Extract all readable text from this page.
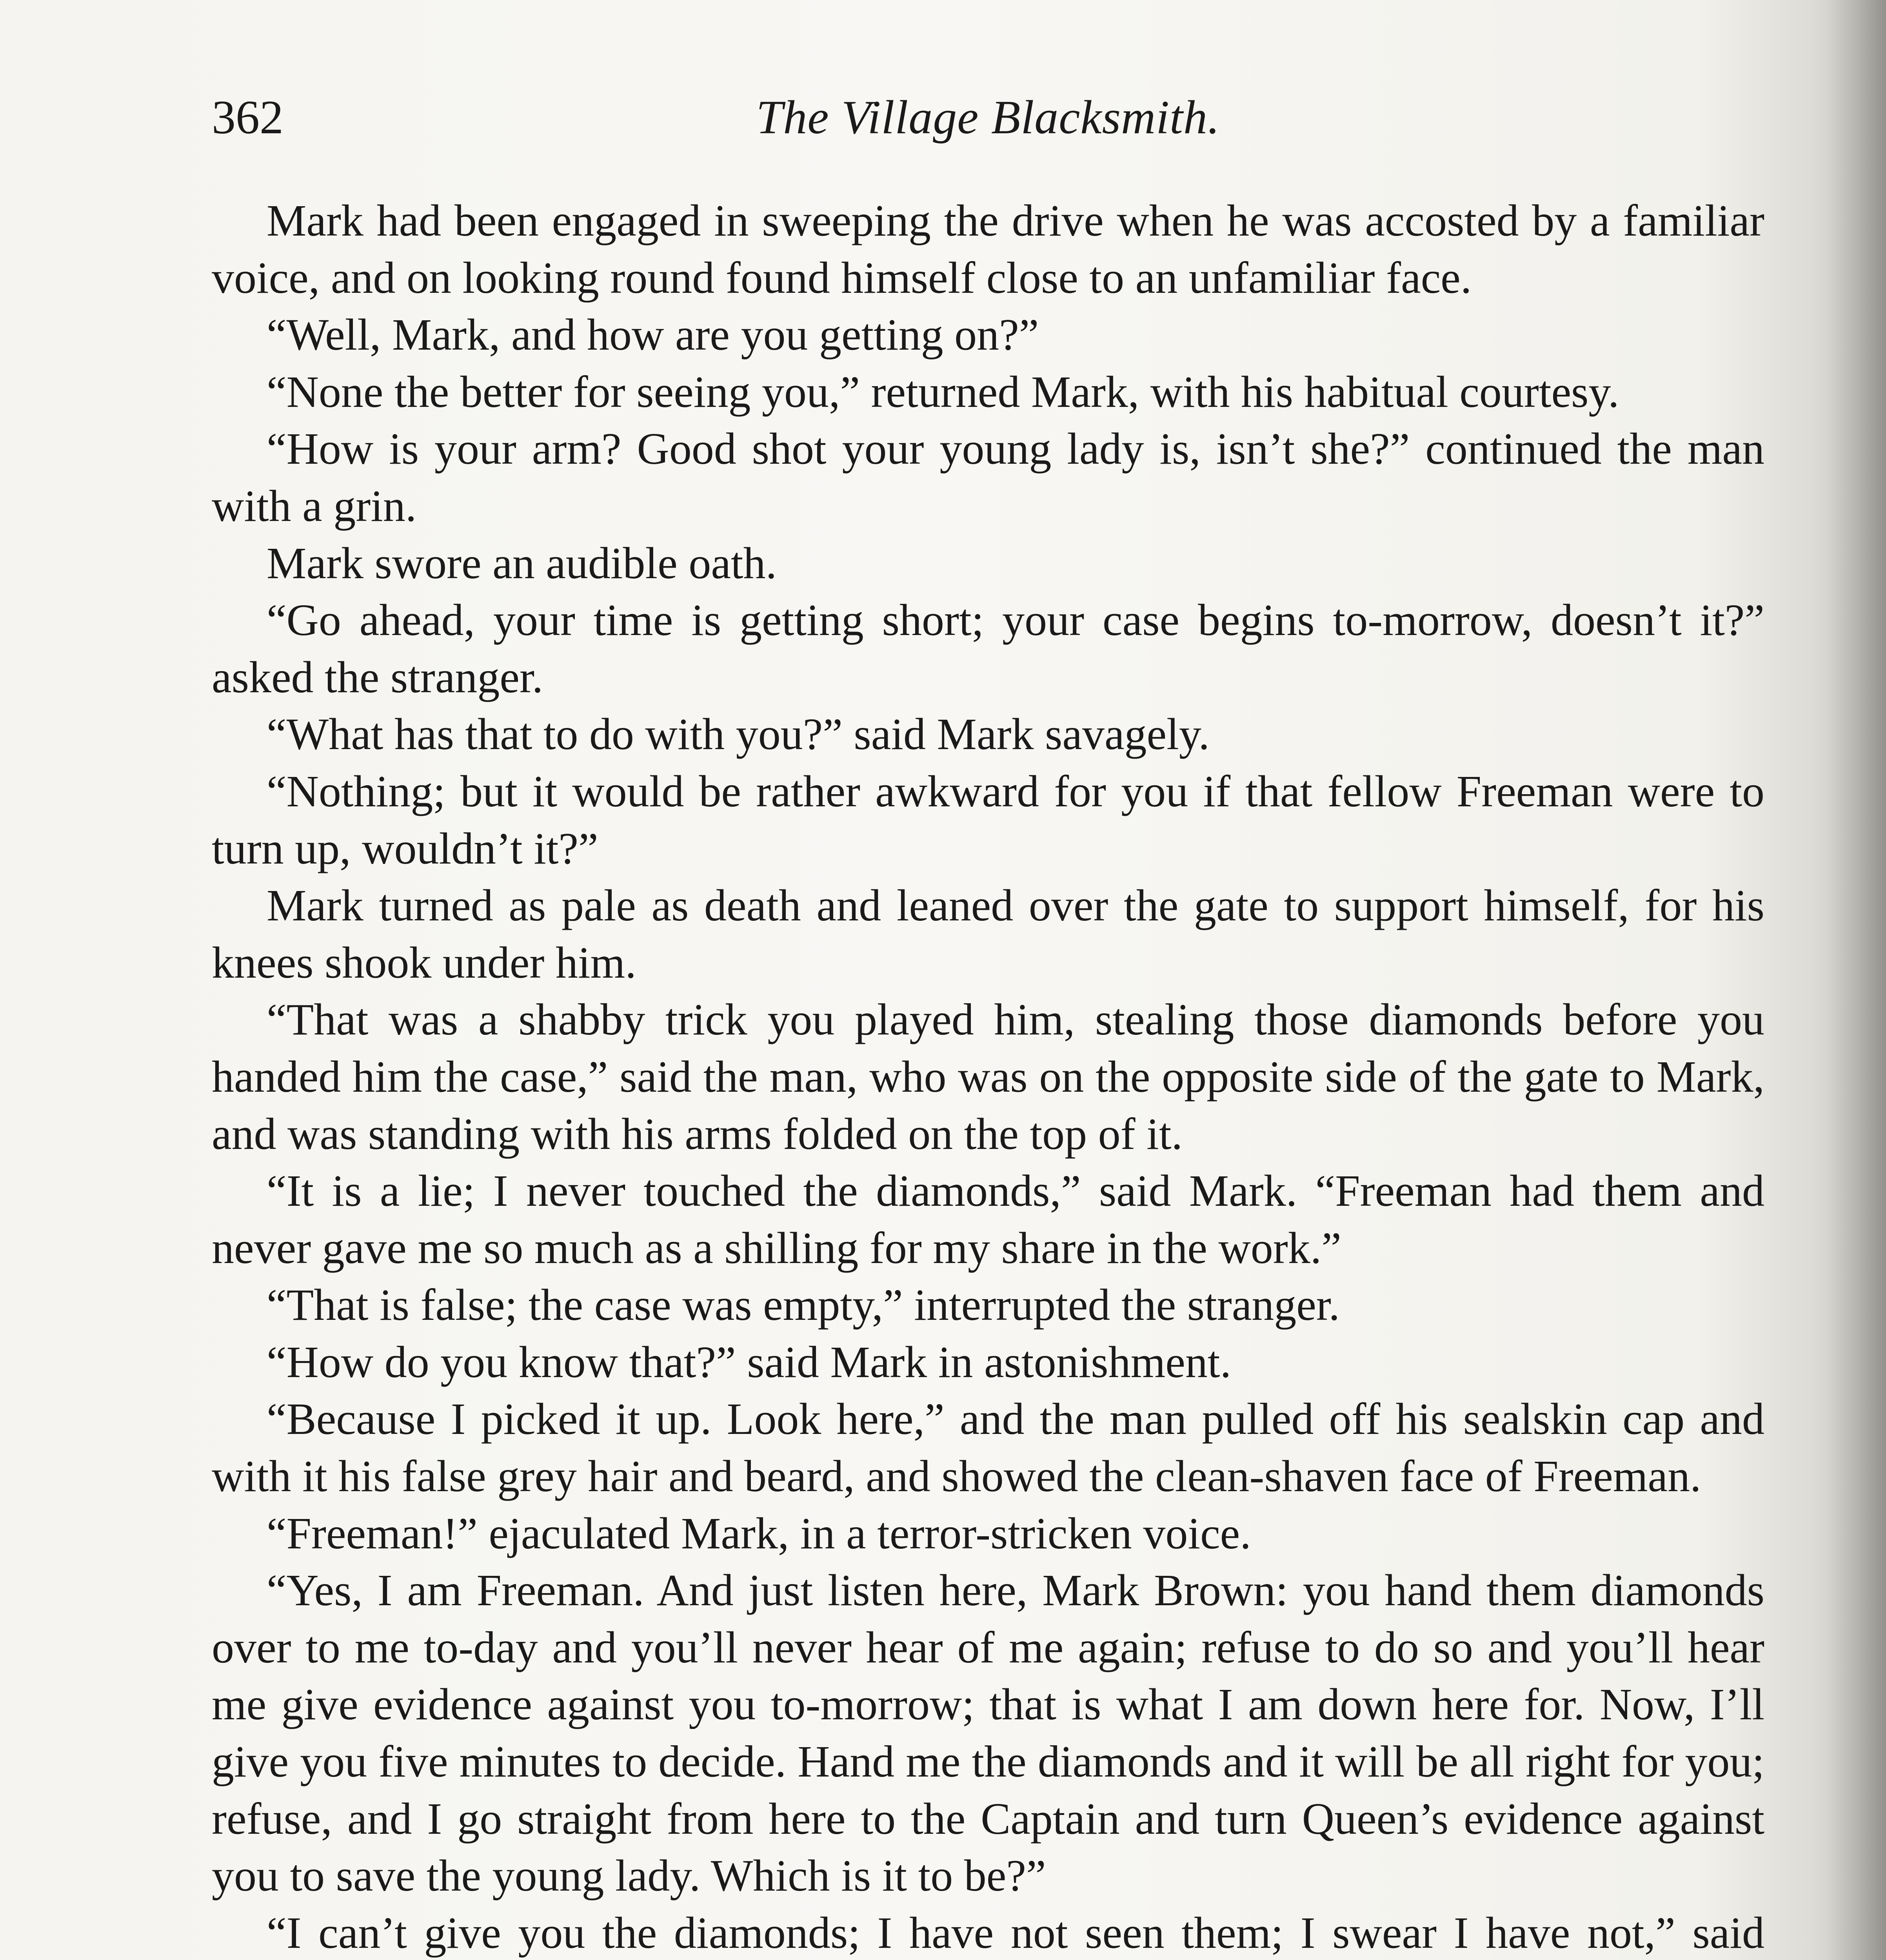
362	The Village Blacksmith.

Mark had been engaged in sweeping the drive when he was accosted by a familiar voice, and on looking round found himself close to an unfamiliar face.

“Well, Mark, and how are you getting on?”

“None the better for seeing you,” returned Mark, with his habitual courtesy.

“How is your arm? Good shot your young lady is, isn’t she?” continued the man with a grin.

Mark swore an audible oath.

“Go ahead, your time is getting short; your case begins to-morrow, doesn’t it?” asked the stranger.

“What has that to do with you?” said Mark savagely.

“Nothing; but it would be rather awkward for you if that fellow Freeman were to turn up, wouldn’t it?”

Mark turned as pale as death and leaned over the gate to support himself, for his knees shook under him.

“That was a shabby trick you played him, stealing those diamonds before you handed him the case,” said the man, who was on the opposite side of the gate to Mark, and was standing with his arms folded on the top of it.

“It is a lie; I never touched the diamonds,” said Mark. “Freeman had them and never gave me so much as a shilling for my share in the work.”

“That is false; the case was empty,” interrupted the stranger.

“How do you know that?” said Mark in astonishment.

“Because I picked it up. Look here,” and the man pulled off his sealskin cap and with it his false grey hair and beard, and showed the clean-shaven face of Freeman.

“Freeman!” ejaculated Mark, in a terror-stricken voice.

“Yes, I am Freeman. And just listen here, Mark Brown: you hand them diamonds over to me to-day and you’ll never hear of me again; refuse to do so and you’ll hear me give evidence against you to-morrow; that is what I am down here for. Now, I’ll give you five minutes to decide. Hand me the diamonds and it will be all right for you; refuse, and I go straight from here to the Captain and turn Queen’s evidence against you to save the young lady. Which is it to be?”

“I can’t give you the diamonds; I have not seen them; I swear I have not,” said
